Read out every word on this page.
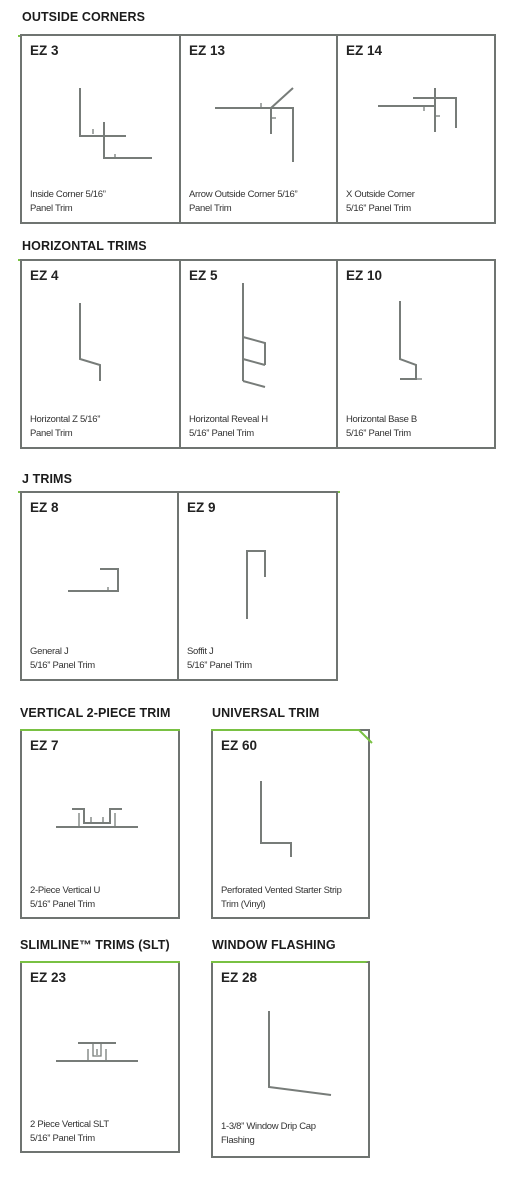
OUTSIDE CORNERS
EZ 3
Inside Corner 5/16”
Panel Trim
EZ 13
Arrow Outside Corner 5/16”
Panel Trim
EZ 14
X Outside Corner
5/16” Panel Trim
HORIZONTAL TRIMS
EZ 4
Horizontal Z 5/16”
Panel Trim
EZ 5
Horizontal Reveal H
5/16” Panel Trim
EZ 10
Horizontal Base B
5/16” Panel Trim
J TRIMS
EZ 8
General J
5/16” Panel Trim
EZ 9
Soffit J
5/16” Panel Trim
VERTICAL 2-PIECE TRIM	UNIVERSAL TRIM
EZ 7
2-Piece Vertical U
5/16” Panel Trim
EZ 60
Perforated Vented Starter Strip
Trim (Vinyl)
SLIMLINE™ TRIMS (SLT)	WINDOW FLASHING
EZ 23
2 Piece Vertical SLT
5/16” Panel Trim
EZ 28
1-3/8” Window Drip Cap
Flashing
